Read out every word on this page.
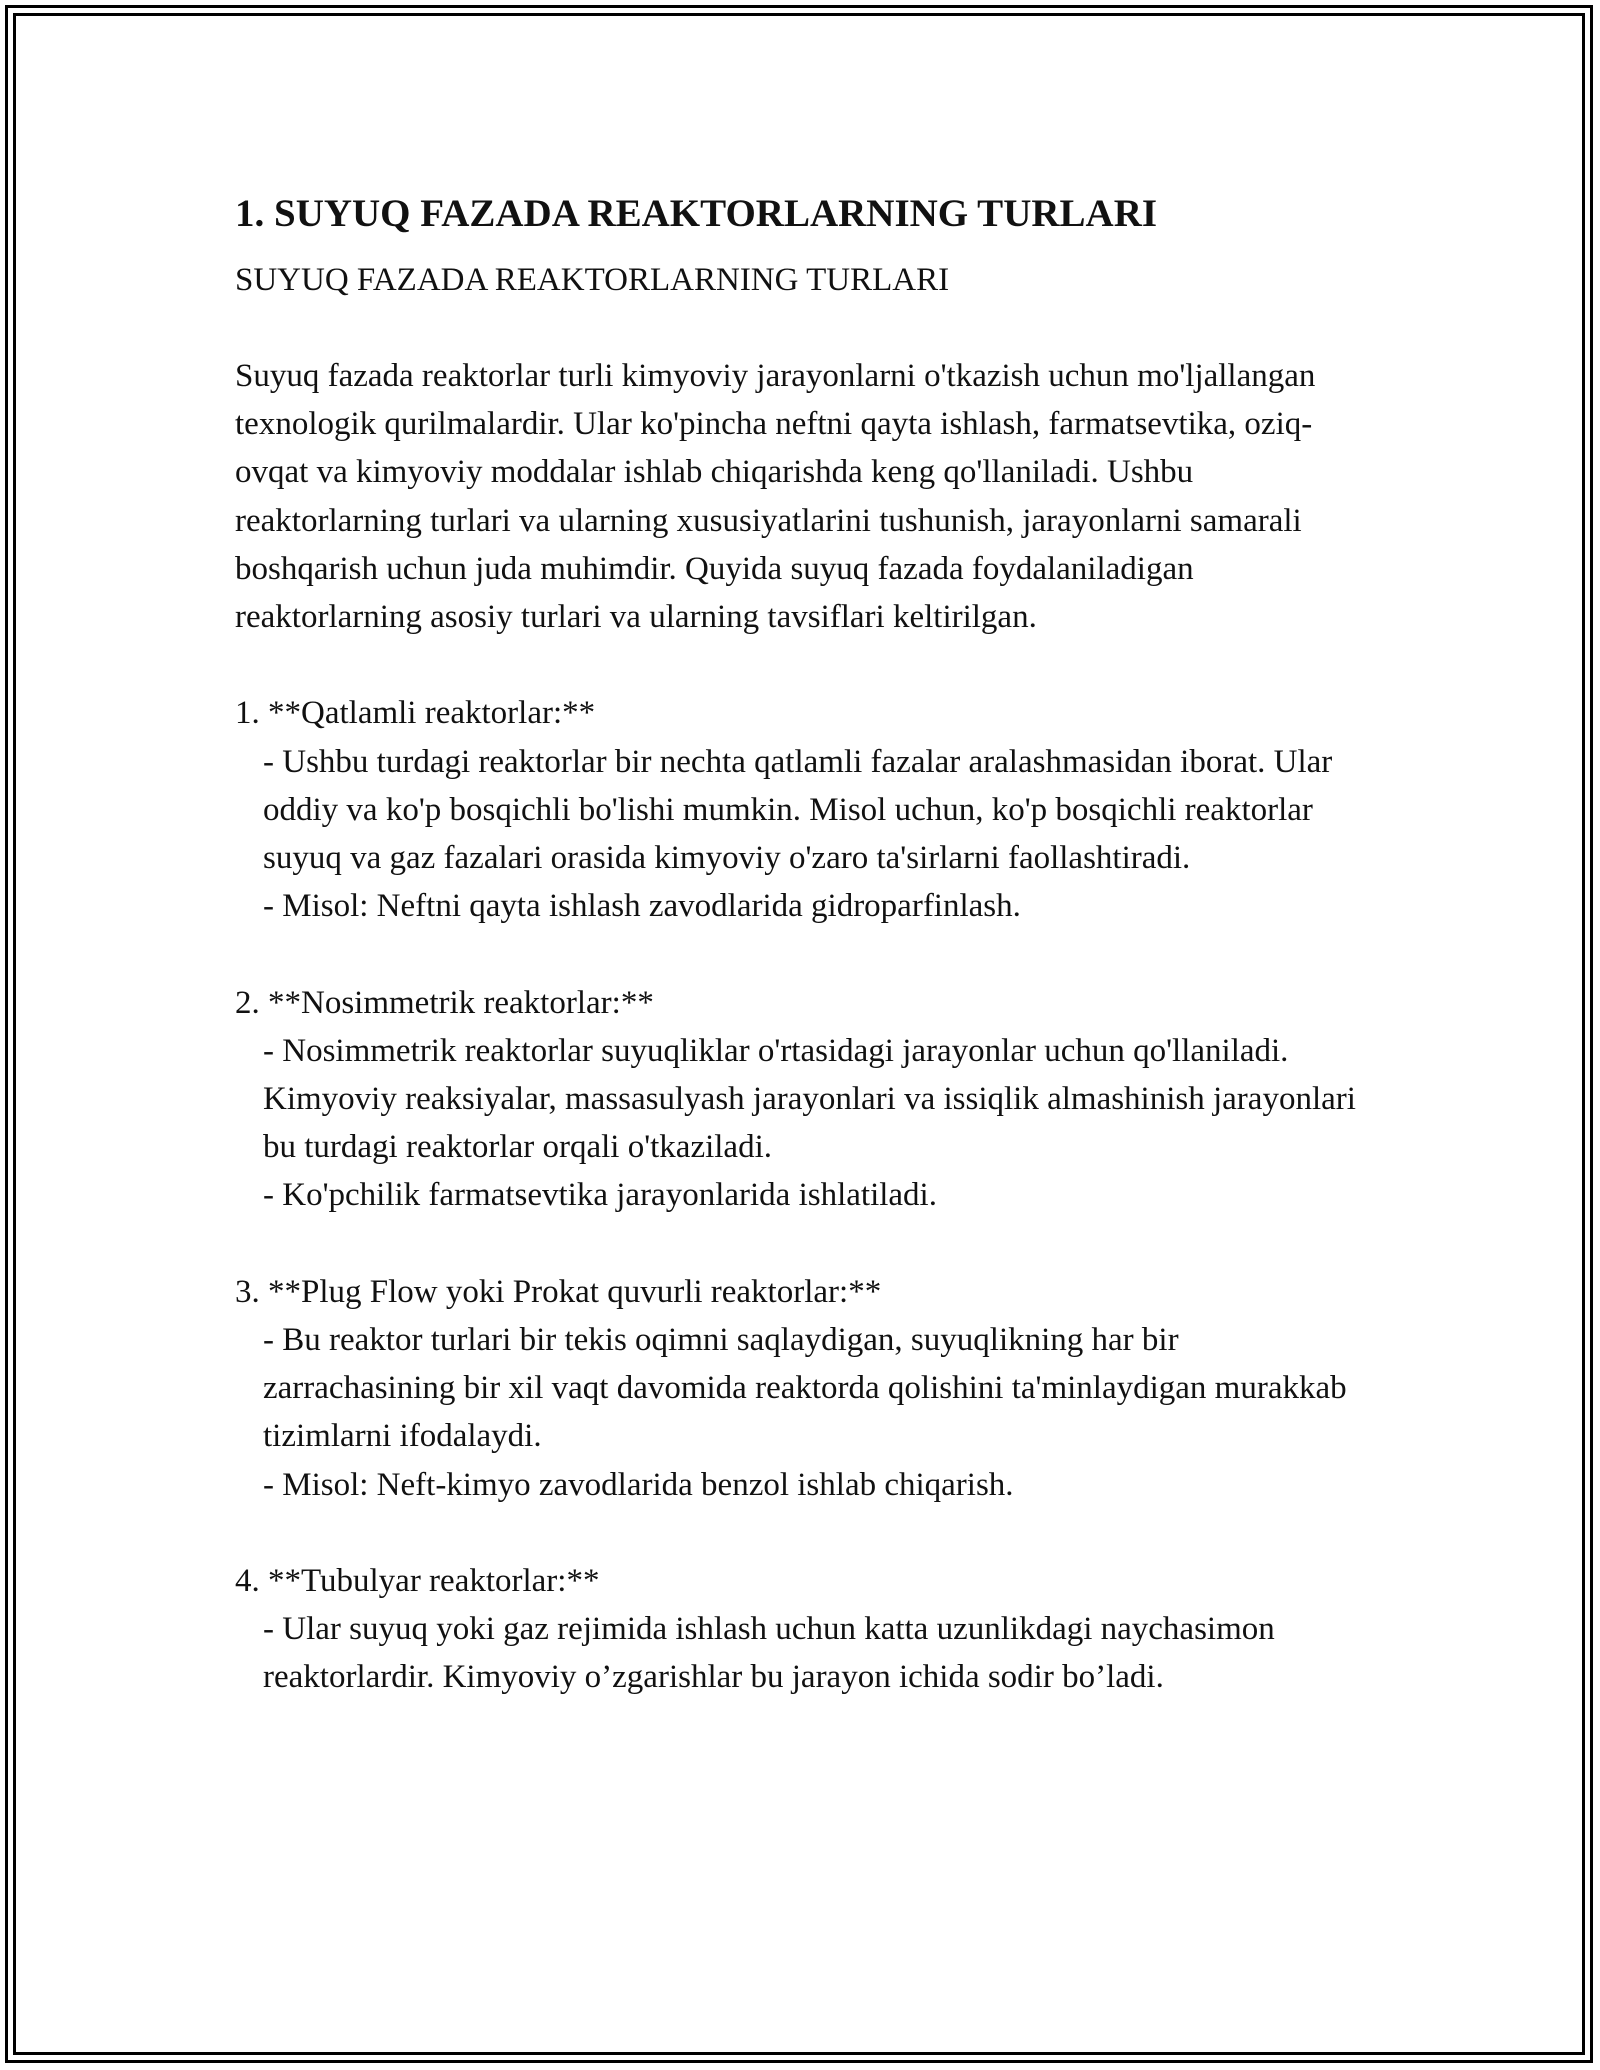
1. SUYUQ FAZADA REAKTORLARNING TURLARI
SUYUQ FAZADA REAKTORLARNING TURLARI

Suyuq fazada reaktorlar turli kimyoviy jarayonlarni o'tkazish uchun mo'ljallangan texnologik qurilmalardir. Ular ko'pincha neftni qayta ishlash, farmatsevtika, oziq-ovqat va kimyoviy moddalar ishlab chiqarishda keng qo'llaniladi. Ushbu reaktorlarning turlari va ularning xususiyatlarini tushunish, jarayonlarni samarali boshqarish uchun juda muhimdir. Quyida suyuq fazada foydalaniladigan reaktorlarning asosiy turlari va ularning tavsiflari keltirilgan.

1. **Qatlamli reaktorlar:**

- Ushbu turdagi reaktorlar bir nechta qatlamli fazalar aralashmasidan iborat. Ular oddiy va ko'p bosqichli bo'lishi mumkin. Misol uchun, ko'p bosqichli reaktorlar suyuq va gaz fazalari orasida kimyoviy o'zaro ta'sirlarni faollashtiradi.

- Misol: Neftni qayta ishlash zavodlarida gidroparfinlash.

2. **Nosimmetrik reaktorlar:**

- Nosimmetrik reaktorlar suyuqliklar o'rtasidagi jarayonlar uchun qo'llaniladi. Kimyoviy reaksiyalar, massasulyash jarayonlari va issiqlik almashinish jarayonlari bu turdagi reaktorlar orqali o'tkaziladi.

- Ko'pchilik farmatsevtika jarayonlarida ishlatiladi.

3. **Plug Flow yoki Prokat quvurli reaktorlar:**

- Bu reaktor turlari bir tekis oqimni saqlaydigan, suyuqlikning har bir zarrachasining bir xil vaqt davomida reaktorda qolishini ta'minlaydigan murakkab tizimlarni ifodalaydi.

- Misol: Neft-kimyo zavodlarida benzol ishlab chiqarish.

4. **Tubulyar reaktorlar:**

- Ular suyuq yoki gaz rejimida ishlash uchun katta uzunlikdagi naychasimon reaktorlardir. Kimyoviy o’zgarishlar bu jarayon ichida sodir bo’ladi.
